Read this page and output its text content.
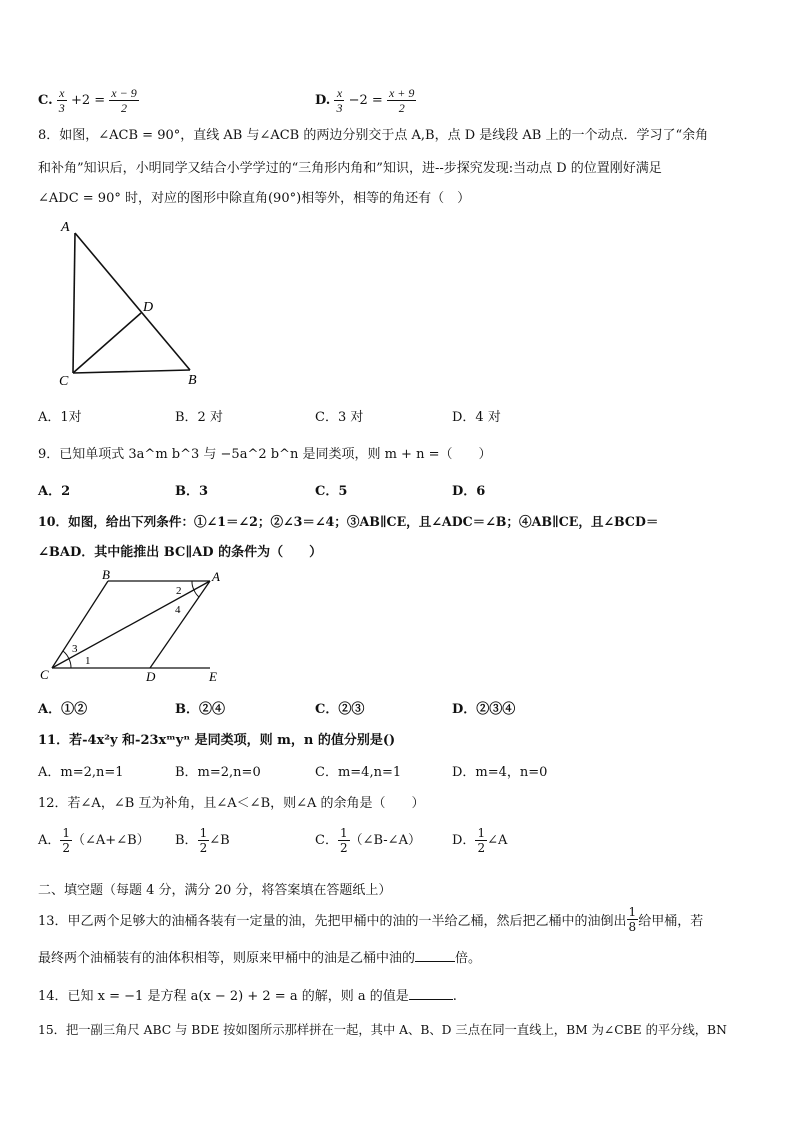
C. $\frac{x}{3} +2 = \frac{x - 9}{2}$	D. $\frac{x}{3} -2 = \frac{x + 9}{2}$
8．如图，∠ACB = 90°，直线 AB 与∠ACB 的两边分别交于点 A,B，点 D 是线段 AB 上的一个动点．学习了“余角
和补角”知识后，小明同学又结合小学学过的“三角形内角和”知识，进--步探究发现:当动点 D 的位置刚好满足
∠ADC = 90° 时，对应的图形中除直角(90°)相等外，相等的角还有（　）
A
D
C	B
A．1对	B．2 对	C．3 对	D．4 对
9．已知单项式 3a^m b^3 与 −5a^2 b^n 是同类项，则 m + n =（　　）
A．2	B．3	C．5	D．6
10．如图，给出下列条件：①∠1＝∠2；②∠3＝∠4；③AB∥CE，且∠ADC＝∠B；④AB∥CE，且∠BCD＝
∠BAD．其中能推出 BC∥AD 的条件为（　　）
B	A
C	D	E
1
2
3
4
A．①②	B．②④	C．②③	D．②③④
11．若-4x²y 和-23xᵐyⁿ 是同类项，则 m，n 的值分别是()
A．m=2,n=1	B．m=2,n=0	C．m=4,n=1	D．m=4，n=0
12．若∠A，∠B 互为补角，且∠A＜∠B，则∠A 的余角是（　　）
A． $\frac{1}{2}$ （∠A+∠B） B． $\frac{1}{2}$ ∠B	C． $\frac{1}{2}$ （∠B-∠A） D． $\frac{1}{2}$ ∠A
二、填空题（每题 4 分，满分 20 分，将答案填在答题纸上）
13．甲乙两个足够大的油桶各装有一定量的油，先把甲桶中的油的一半给乙桶，然后把乙桶中的油倒出 $\frac{1}{8}$ 给甲桶，若
最终两个油桶装有的油体积相等，则原来甲桶中的油是乙桶中油的	倍。
14．已知 x = −1 是方程 a(x − 2) + 2 = a 的解，则 a 的值是	.
15．把一副三角尺 ABC 与 BDE 按如图所示那样拼在一起，其中 A、B、D 三点在同一直线上，BM 为∠CBE 的平分线，BN
